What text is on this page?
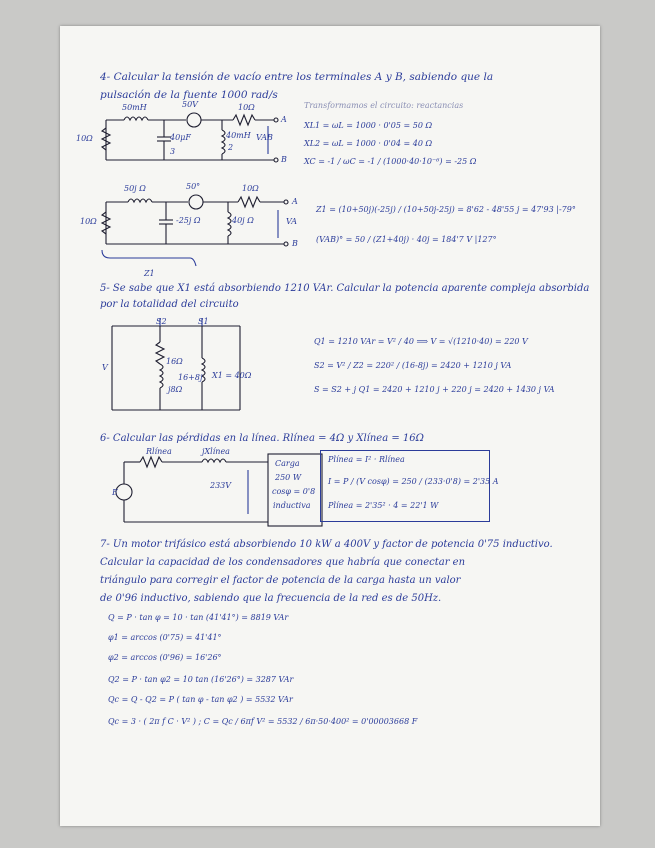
4- Calcular la tensión de vacío entre los terminales A y B, sabiendo que la
pulsación de la fuente 1000 rad/s
50mH	50V	10Ω
10Ω	40μF	40mH
3	2
A
B
VAB
Transformamos el circuito: reactancias
XL1 = ωL = 1000 · 0'05 = 50 Ω
XL2 = ωL = 1000 · 0'04 = 40 Ω
XC = -1 / ωC = -1 / (1000·40·10⁻⁶) = -25 Ω
50j Ω	50°	10Ω
10Ω	-25j Ω	40j Ω
A
B
VA
Z1
Z1 = (10+50j)(-25j) / (10+50j-25j) = 8'62 - 48'55 j = 47'93 |-79°
(VAB)° = 50 / (Z1+40j) · 40j = 184'7 V |127°
5- Se sabe que X1 está absorbiendo 1210 VAr. Calcular la potencia aparente compleja absorbida
por la totalidad del circuito
S2	S1
16Ω
j8Ω
16+8j X1 = 40Ω
V
Q1 = 1210 VAr = V² / 40 ⟹ V = √(1210·40) = 220 V
S2 = V² / Z2 = 220² / (16-8j) = 2420 + 1210 j VA
S = S2 + j Q1 = 2420 + 1210 j + 220 j = 2420 + 1430 j VA
6- Calcular las pérdidas en la línea. Rlínea = 4Ω y Xlínea = 16Ω
Rlínea	jXlínea
E
233V
Carga
250 W
cosφ = 0'8
inductiva
Plínea = I² · Rlínea
I = P / (V cosφ) = 250 / (233·0'8) = 2'35 A
Plínea = 2'35² · 4 = 22'1 W
7- Un motor trifásico está absorbiendo 10 kW a 400V y factor de potencia 0'75 inductivo.
Calcular la capacidad de los condensadores que habría que conectar en
triángulo para corregir el factor de potencia de la carga hasta un valor
de 0'96 inductivo, sabiendo que la frecuencia de la red es de 50Hz.
Q = P · tan φ = 10 · tan (41'41°) = 8819 VAr
φ1 = arccos (0'75) = 41'41°
φ2 = arccos (0'96) = 16'26°
Q2 = P · tan φ2 = 10 tan (16'26°) = 3287 VAr
Qc = Q - Q2 = P ( tan φ - tan φ2 ) = 5532 VAr
Qc = 3 · ( 2π f C · V² ) ; C = Qc / 6πf V² = 5532 / 6π·50·400² = 0'00003668 F
